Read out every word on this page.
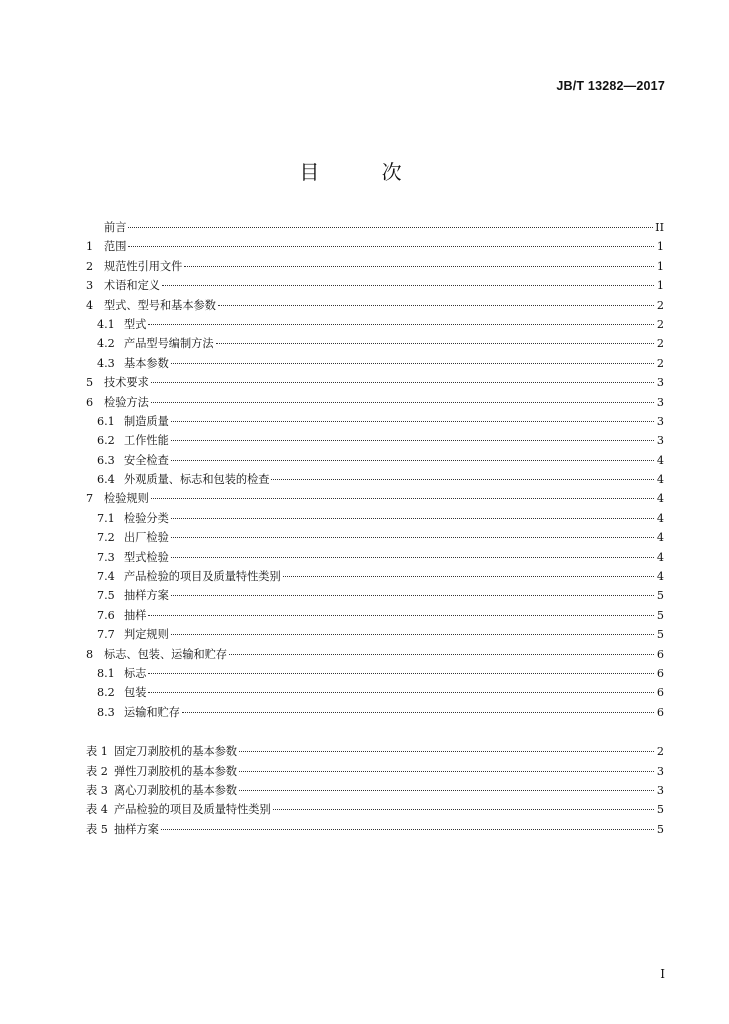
JB/T 13282—2017
目 次
前言	II
1 范围	1
2 规范性引用文件	1
3 术语和定义	1
4 型式、型号和基本参数	2
4.1 型式	2
4.2 产品型号编制方法	2
4.3 基本参数	2
5 技术要求	3
6 检验方法	3
6.1 制造质量	3
6.2 工作性能	3
6.3 安全检查	4
6.4 外观质量、标志和包装的检查	4
7 检验规则	4
7.1 检验分类	4
7.2 出厂检验	4
7.3 型式检验	4
7.4 产品检验的项目及质量特性类别	4
7.5 抽样方案	5
7.6 抽样	5
7.7 判定规则	5
8 标志、包装、运输和贮存	6
8.1 标志	6
8.2 包装	6
8.3 运输和贮存	6
表 1 固定刀剥胶机的基本参数	2
表 2 弹性刀剥胶机的基本参数	3
表 3 离心刀剥胶机的基本参数	3
表 4 产品检验的项目及质量特性类别	5
表 5 抽样方案	5
I
